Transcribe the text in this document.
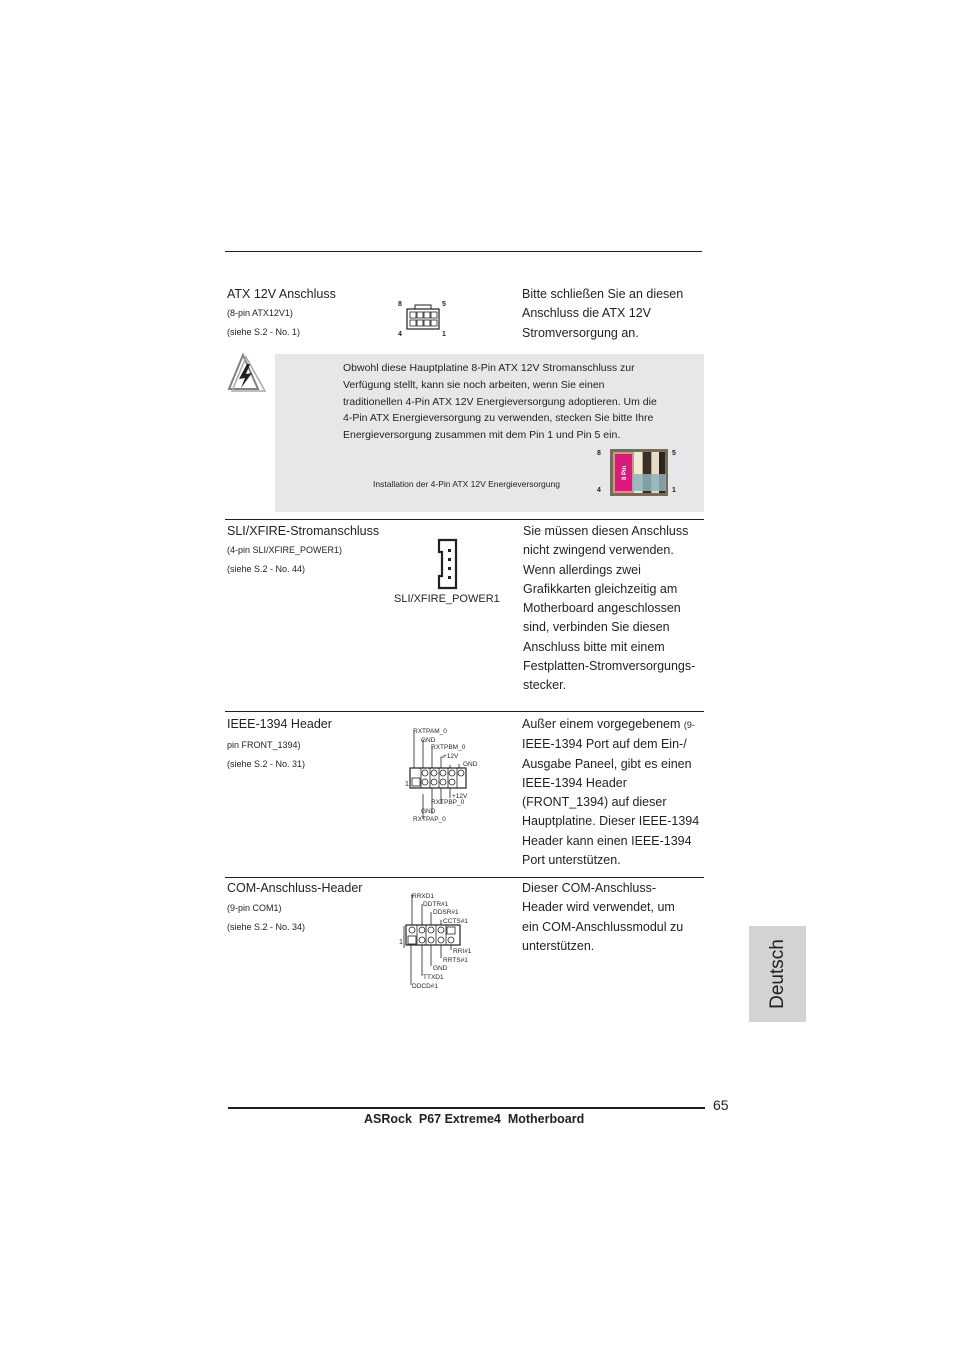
ATX 12V Anschluss
(8-pin ATX12V1)
(siehe S.2 - No. 1)
8	5
4	1
Bitte schließen Sie an diesen
Anschluss die ATX 12V
Stromversorgung an.
Obwohl diese Hauptplatine 8-Pin ATX 12V Stromanschluss zur
Verfügung stellt, kann sie noch arbeiten, wenn Sie einen
traditionellen 4-Pin ATX 12V Energieversorgung adoptieren. Um die
4-Pin ATX Energieversorgung zu verwenden, stecken Sie bitte Ihre
Energieversorgung zusammen mit dem Pin 1 und Pin 5 ein.
Installation der 4-Pin ATX 12V Energieversorgung
8	5
8 Pin
4	1
SLI/XFIRE-Stromanschluss
(4-pin SLI/XFIRE_POWER1)
(siehe S.2 - No. 44)
SLI/XFIRE_POWER1
Sie müssen diesen Anschluss
nicht zwingend verwenden.
Wenn allerdings zwei
Grafikkarten gleichzeitig am
Motherboard angeschlossen
sind, verbinden Sie diesen
Anschluss bitte mit einem
Festplatten-Stromversorgungs-
stecker.
IEEE-1394 Header
pin FRONT_1394)
(siehe S.2 - No. 31)
RXTPAM_0
GND
RXTPBM_0
+12V
GND
1
+12V
RXTPBP_0
GND
RXTPAP_0
Außer einem vorgegebenem (9-
IEEE-1394 Port auf dem Ein-/
Ausgabe Paneel, gibt es einen
IEEE-1394 Header
(FRONT_1394) auf dieser
Hauptplatine. Dieser IEEE-1394
Header kann einen IEEE-1394
Port unterstützen.
COM-Anschluss-Header
(9-pin COM1)
(siehe S.2 - No. 34)
RRXD1
DDTR#1
DDSR#1
CCTS#1
1
RRI#1
RRTS#1
GND
TTXD1
DDCD#1
Dieser COM-Anschluss-
Header wird verwendet, um
ein COM-Anschlussmodul zu
unterstützen.	Deutsch
65
ASRock  P67 Extreme4  Motherboard
